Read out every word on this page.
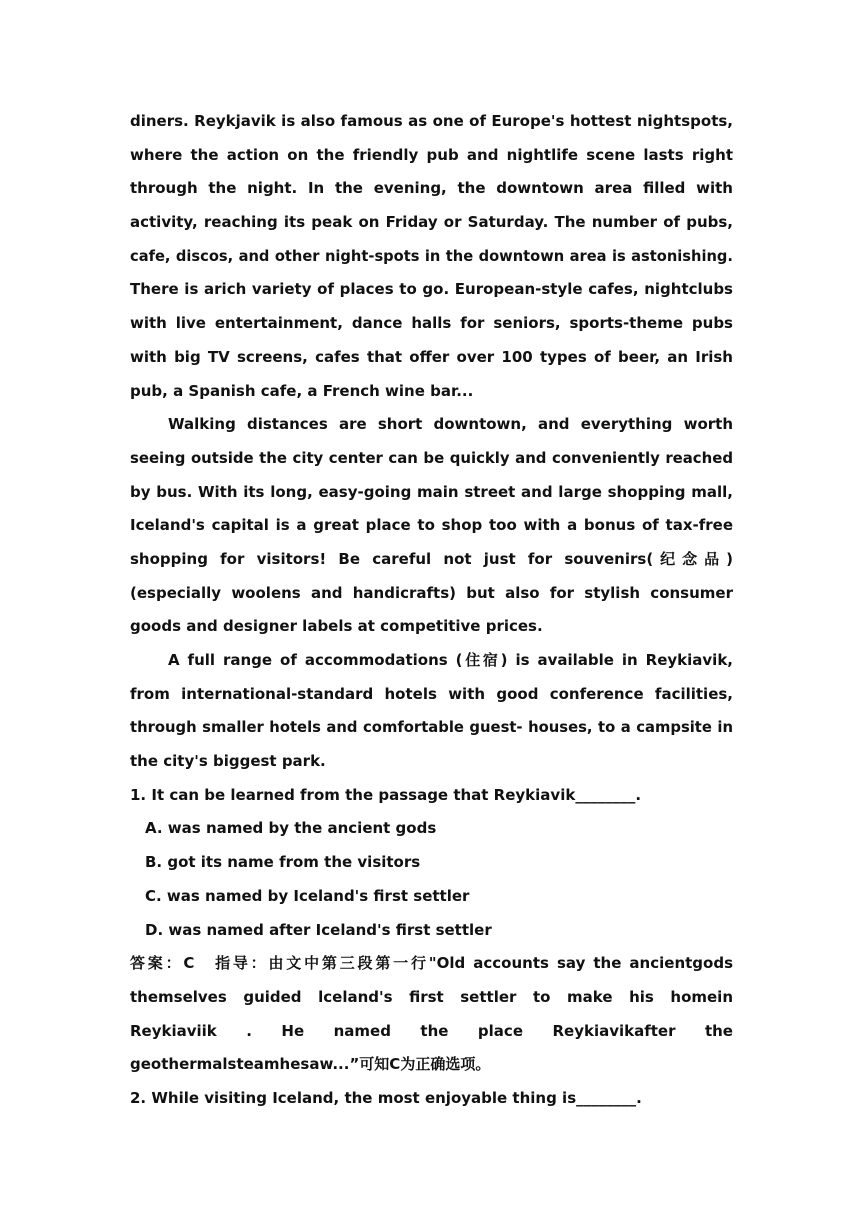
diners. Reykjavik is also famous as one of Europe's hottest nightspots,
where the action on the friendly pub and nightlife scene lasts right
through the night. In the evening, the downtown area filled with
activity, reaching its peak on Friday or Saturday. The number of pubs,
cafe, discos, and other night-spots in the downtown area is astonishing.
There is arich variety of places to go. European-style cafes, nightclubs
with live entertainment, dance halls for seniors, sports-theme pubs
with big TV screens, cafes that offer over 100 types of beer, an Irish
pub, a Spanish cafe, a French wine bar...
Walking distances are short downtown, and everything worth
seeing outside the city center can be quickly and conveniently reached
by bus. With its long, easy-going main street and large shopping mall,
Iceland's capital is a great place to shop too with a bonus of tax-free
shopping for visitors! Be careful not just for souvenirs(纪念品)
(especially woolens and handicrafts) but also for stylish consumer
goods and designer labels at competitive prices.
A full range of accommodations (住宿) is available in Reykiavik,
from international-standard hotels with good conference facilities,
through smaller hotels and comfortable guest- houses, to a campsite in
the city's biggest park.
1. It can be learned from the passage that Reykiavik________.
A. was named by the ancient gods
B. got its name from the visitors
C. was named by Iceland's first settler
D. was named after Iceland's first settler
答案：C　指导：由文中第三段第一行"Old accounts say the ancientgods
themselves guided lceland's first settler to make his homein
Reykiaviik . He named the place Reykiavikafter the
geothermalsteamhesaw...”可知C为正确选项。
2. While visiting Iceland, the most enjoyable thing is________.
